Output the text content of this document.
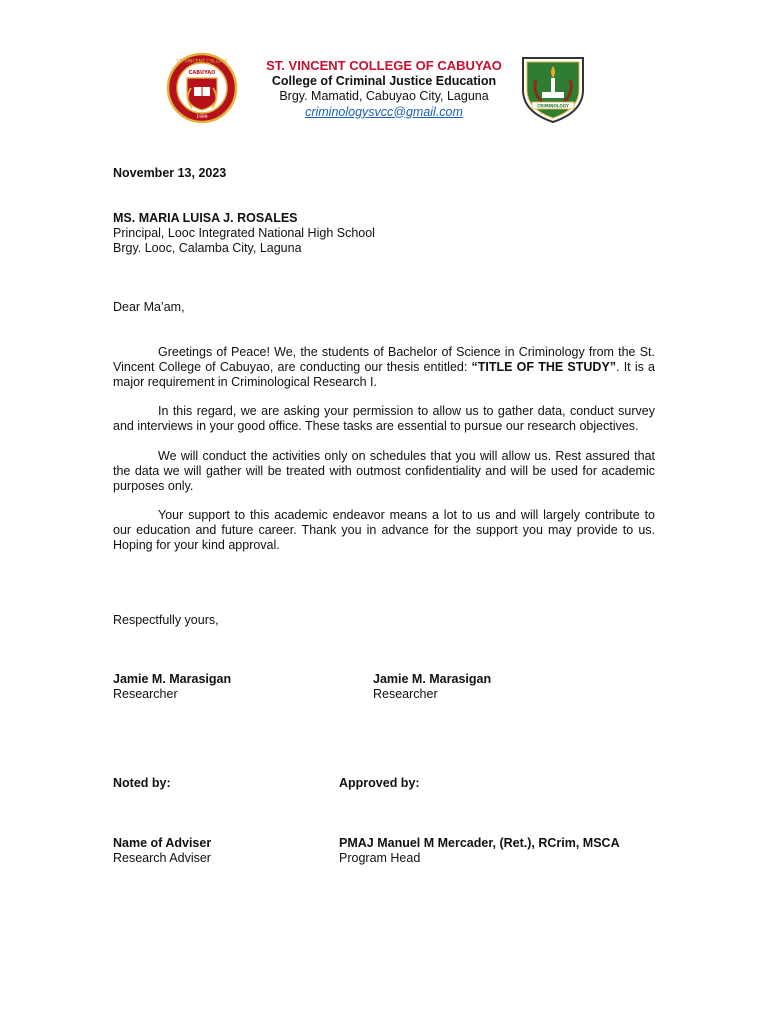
ST. VINCENT COLLEGE
CABUYAO
1999
ST. VINCENT COLLEGE OF CABUYAO
College of Criminal Justice Education
Brgy. Mamatid, Cabuyao City, Laguna
criminologysvcc@gmail.com	CRIMINOLOGY
November 13, 2023
MS. MARIA LUISA J. ROSALES
Principal, Looc Integrated National High School
Brgy. Looc, Calamba City, Laguna
Dear Ma’am,
Greetings of Peace! We, the students of Bachelor of Science in Criminology from the St. Vincent College of Cabuyao, are conducting our thesis entitled: “TITLE OF THE STUDY”. It is a major requirement in Criminological Research I.
In this regard, we are asking your permission to allow us to gather data, conduct survey and interviews in your good office. These tasks are essential to pursue our research objectives.
We will conduct the activities only on schedules that you will allow us. Rest assured that the data we will gather will be treated with outmost confidentiality and will be used for academic purposes only.
Your support to this academic endeavor means a lot to us and will largely contribute to our education and future career. Thank you in advance for the support you may provide to us. Hoping for your kind approval.
Respectfully yours,
Jamie M. Marasigan
Researcher
Jamie M. Marasigan
Researcher
Noted by:	Approved by:
Name of Adviser
Research Adviser
PMAJ Manuel M Mercader, (Ret.), RCrim, MSCA
Program Head
